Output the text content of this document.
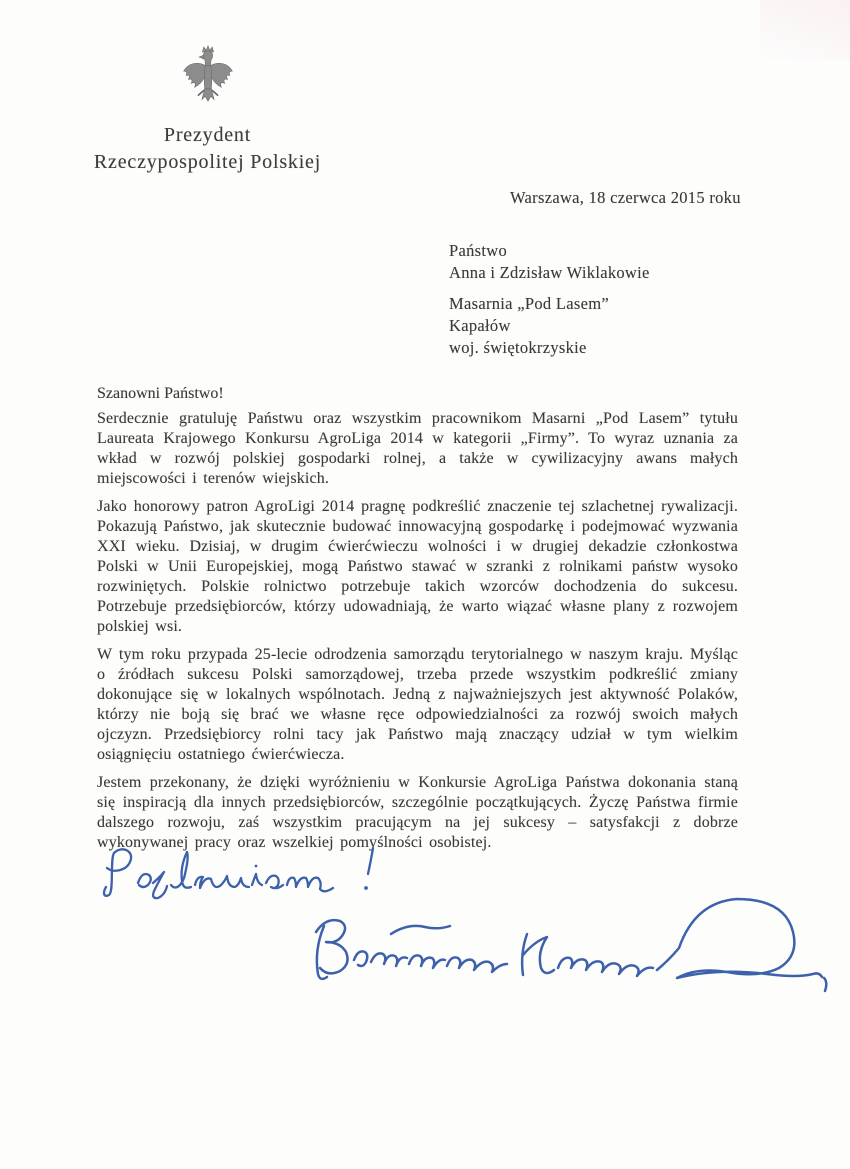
Prezydent
Rzeczypospolitej Polskiej
Warszawa, 18 czerwca 2015 roku
Państwo
Anna i Zdzisław Wiklakowie
Masarnia „Pod Lasem”
Kapałów
woj. świętokrzyskie
Szanowni Państwo!

Serdecznie gratuluję Państwu oraz wszystkim pracownikom Masarni „Pod Lasem” tytułu Laureata Krajowego Konkursu AgroLiga 2014 w kategorii „Firmy”. To wyraz uznania za wkład w rozwój polskiej gospodarki rolnej, a także w cywilizacyjny awans małych miejscowości i terenów wiejskich.

Jako honorowy patron AgroLigi 2014 pragnę podkreślić znaczenie tej szlachetnej rywalizacji. Pokazują Państwo, jak skutecznie budować innowacyjną gospodarkę i podejmować wyzwania XXI wieku. Dzisiaj, w drugim ćwierćwieczu wolności i w drugiej dekadzie członkostwa Polski w Unii Europejskiej, mogą Państwo stawać w szranki z rolnikami państw wysoko rozwiniętych. Polskie rolnictwo potrzebuje takich wzorców dochodzenia do sukcesu. Potrzebuje przedsiębiorców, którzy udowadniają, że warto wiązać własne plany z rozwojem polskiej wsi.

W tym roku przypada 25-lecie odrodzenia samorządu terytorialnego w naszym kraju. Myśląc o źródłach sukcesu Polski samorządowej, trzeba przede wszystkim podkreślić zmiany dokonujące się w lokalnych wspólnotach. Jedną z najważniejszych jest aktywność Polaków, którzy nie boją się brać we własne ręce odpowiedzialności za rozwój swoich małych ojczyzn. Przedsiębiorcy rolni tacy jak Państwo mają znaczący udział w tym wielkim osiągnięciu ostatniego ćwierćwiecza.

Jestem przekonany, że dzięki wyróżnieniu w Konkursie AgroLiga Państwa dokonania staną się inspiracją dla innych przedsiębiorców, szczególnie początkujących. Życzę Państwa firmie dalszego rozwoju, zaś wszystkim pracującym na jej sukcesy – satysfakcji z dobrze wykonywanej pracy oraz wszelkiej pomyślności osobistej.
